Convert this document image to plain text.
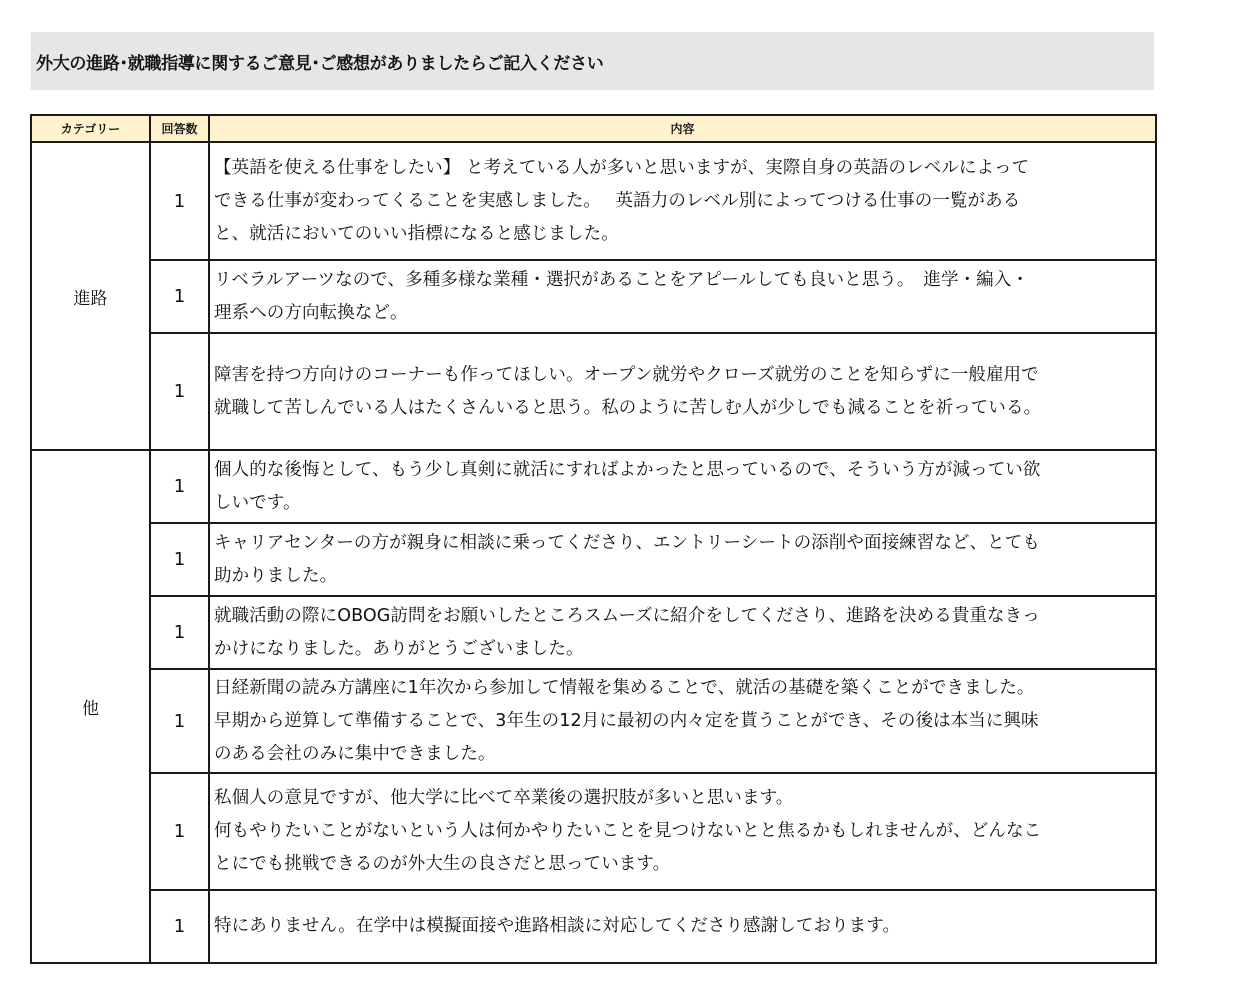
外大の進路･就職指導に関するご意見･ご感想がありましたらご記入ください
カテゴリー	回答数	内容
進路	1	【英語を使える仕事をしたい】 と考えている人が多いと思いますが、実際自身の英語のレベルによって
できる仕事が変わってくることを実感しました。　 英語力のレベル別によってつける仕事の一覧がある
と、就活においてのいい指標になると感じました。
	1	リベラルアーツなので、多種多様な業種・選択があることをアピールしても良いと思う。　進学・編入・
理系への方向転換など。
	1	障害を持つ方向けのコーナーも作ってほしい。オープン就労やクローズ就労のことを知らずに一般雇用で
就職して苦しんでいる人はたくさんいると思う。私のように苦しむ人が少しでも減ることを祈っている。
他	1	個人的な後悔として、もう少し真剣に就活にすればよかったと思っているので、そういう方が減ってい欲
しいです。
	1	キャリアセンターの方が親身に相談に乗ってくださり、エントリーシートの添削や面接練習など、とても
助かりました。
	1	就職活動の際にOBOG訪問をお願いしたところスムーズに紹介をしてくださり、進路を決める貴重なきっ
かけになりました。ありがとうございました。
	1	日経新聞の読み方講座に1年次から参加して情報を集めることで、就活の基礎を築くことができました。
早期から逆算して準備することで、3年生の12月に最初の内々定を貰うことができ、その後は本当に興味
のある会社のみに集中できました。
	1	私個人の意見ですが、他大学に比べて卒業後の選択肢が多いと思います。
何もやりたいことがないという人は何かやりたいことを見つけないとと焦るかもしれませんが、どんなこ
とにでも挑戦できるのが外大生の良さだと思っています。
	1	特にありません。在学中は模擬面接や進路相談に対応してくださり感謝しております。
